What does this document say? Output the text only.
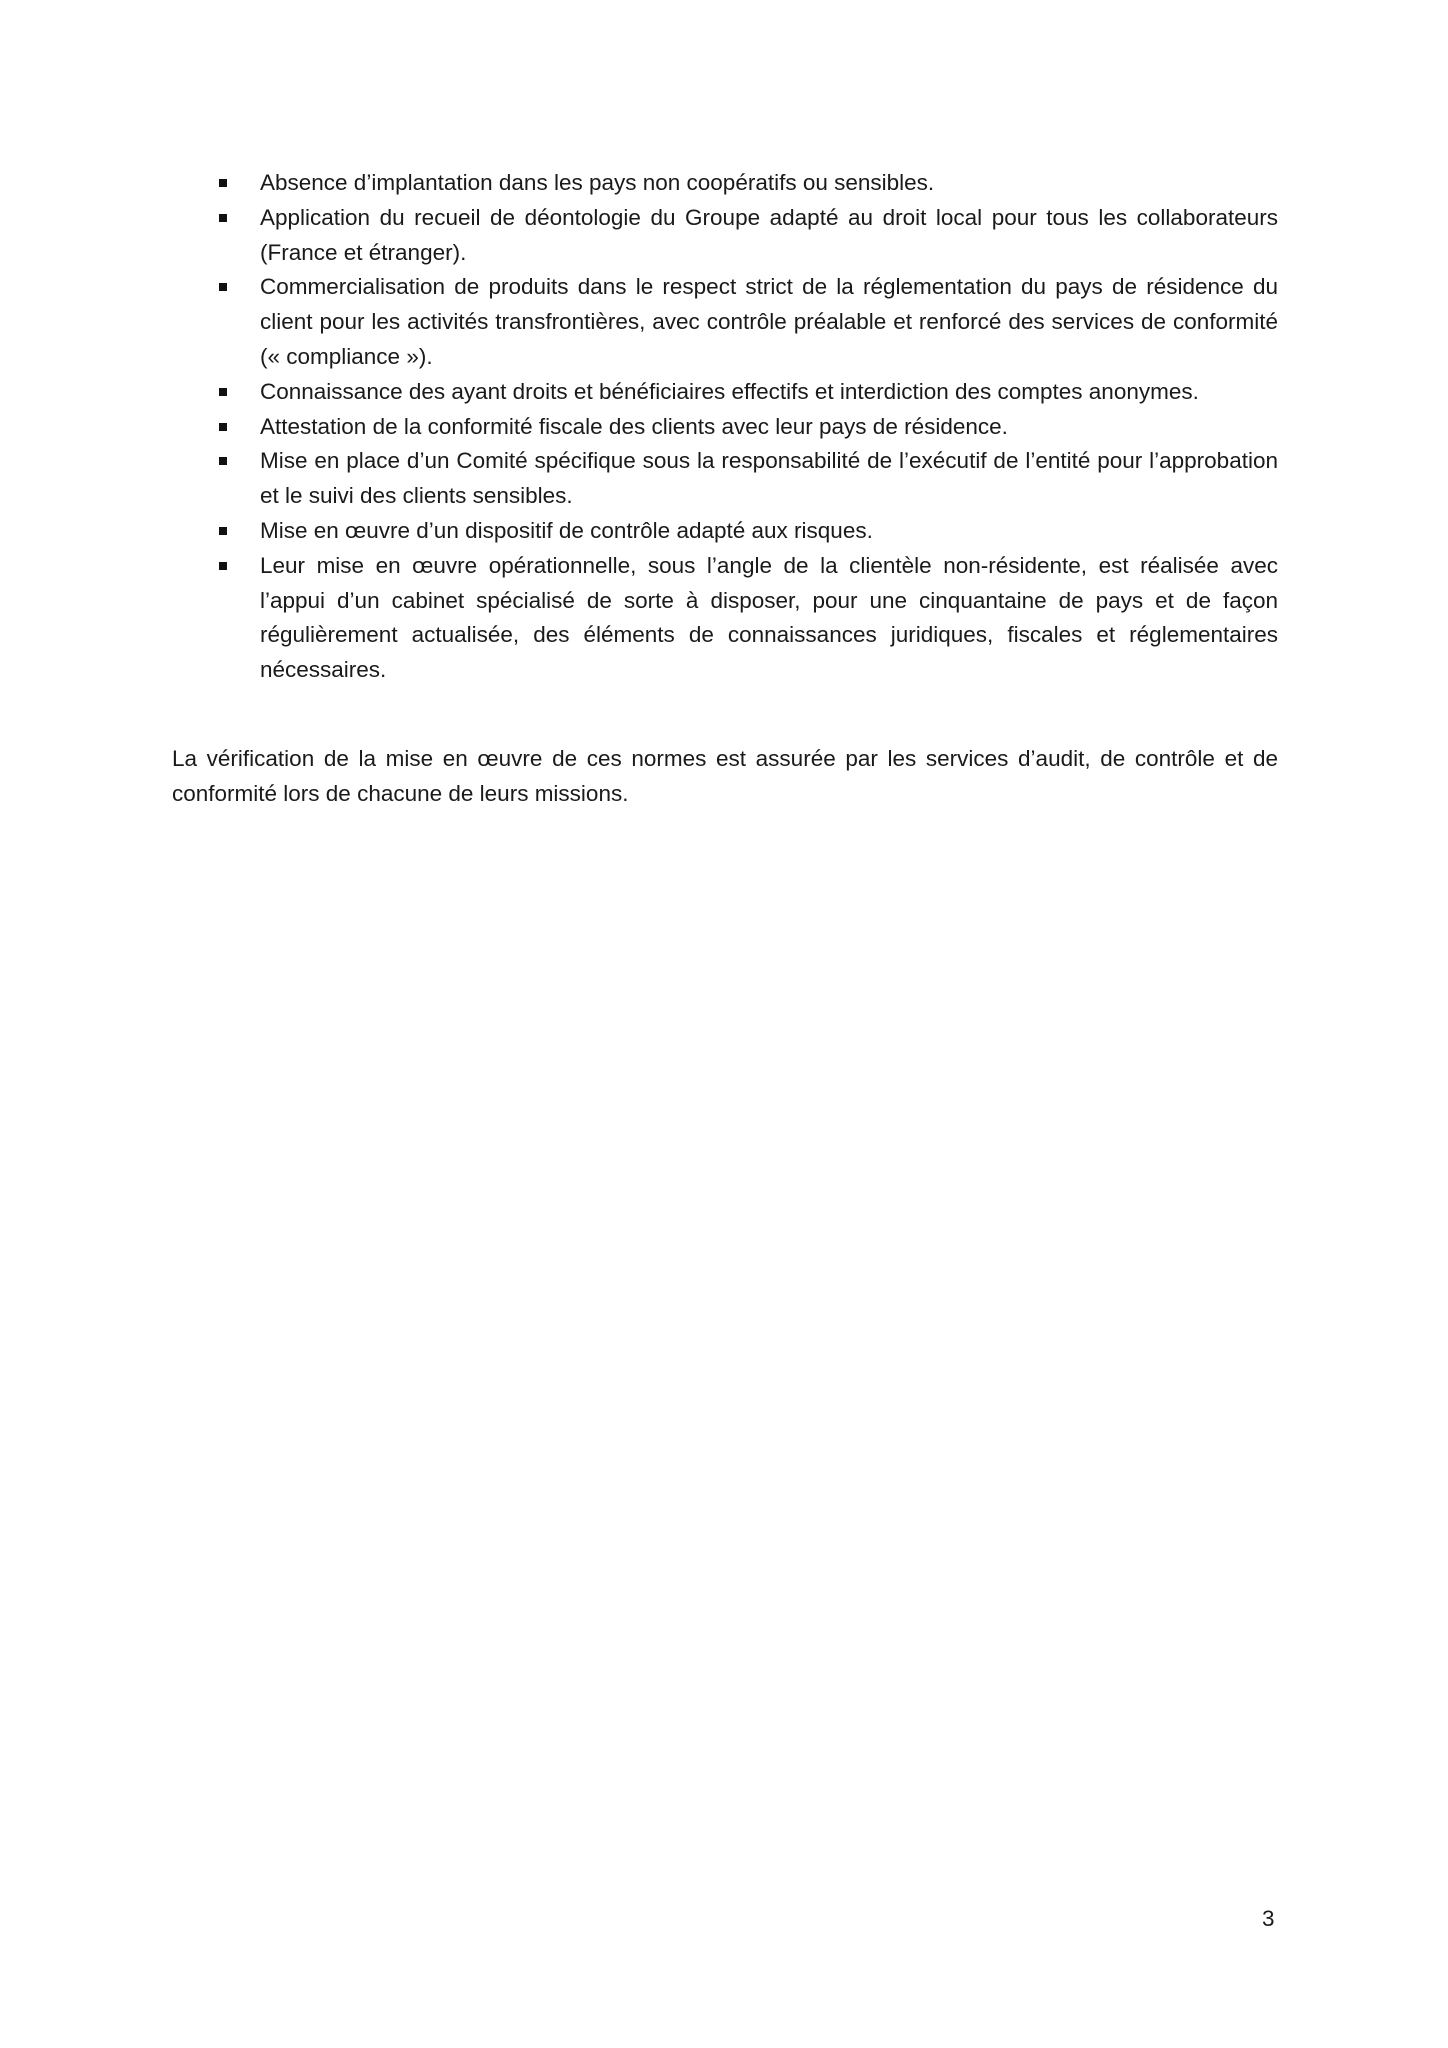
Absence d’implantation dans les pays non coopératifs ou sensibles.
Application du recueil de déontologie du Groupe adapté au droit local pour tous les collaborateurs (France et étranger).
Commercialisation de produits dans le respect strict de la réglementation du pays de résidence du client pour les activités transfrontières, avec contrôle préalable et renforcé des services de conformité (« compliance »).
Connaissance des ayant droits et bénéficiaires effectifs et interdiction des comptes anonymes.
Attestation de la conformité fiscale des clients avec leur pays de résidence.
Mise en place d’un Comité spécifique sous la responsabilité de l’exécutif de l’entité pour l’approbation et le suivi des clients sensibles.
Mise en œuvre d’un dispositif de contrôle adapté aux risques.
Leur mise en œuvre opérationnelle, sous l’angle de la clientèle non-résidente, est réalisée avec l’appui d’un cabinet spécialisé de sorte à disposer, pour une cinquantaine de pays et de façon régulièrement actualisée, des éléments de connaissances juridiques, fiscales et réglementaires nécessaires.

La vérification de la mise en œuvre de ces normes est assurée par les services d’audit, de contrôle et de conformité lors de chacune de leurs missions.

3
